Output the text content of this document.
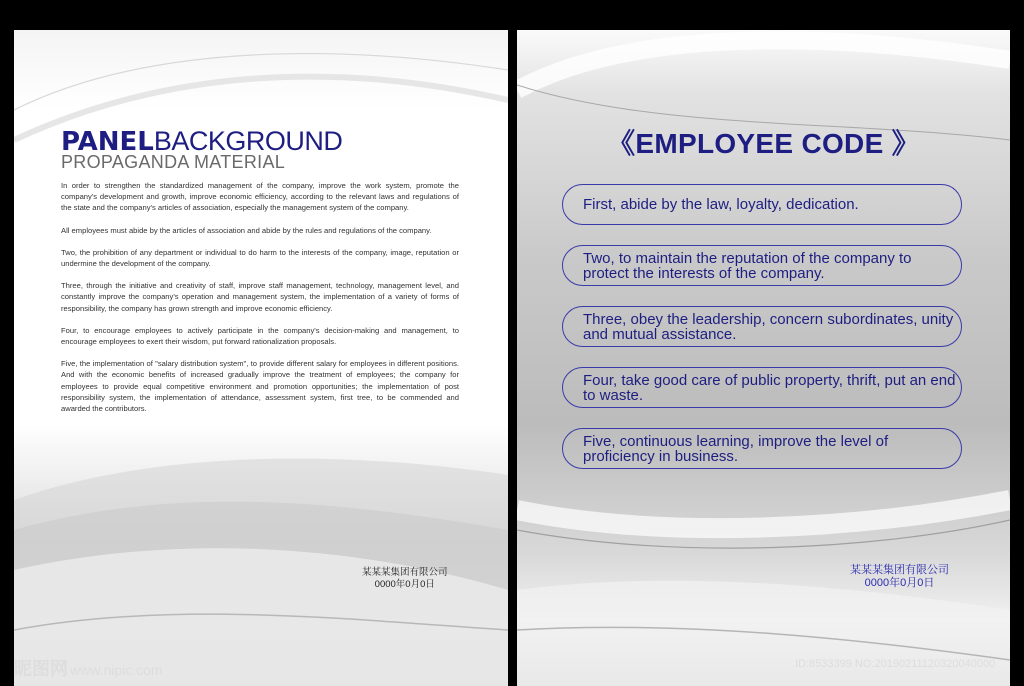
PANELBACKGROUND
PROPAGANDA MATERIAL

In order to strengthen the standardized management of the company, improve the work system, promote the company's development and growth, improve economic efficiency, according to the relevant laws and regulations of the state and the company's articles of association, especially the management system of the company.

All employees must abide by the articles of association and abide by the rules and regulations of the company.

Two, the prohibition of any department or individual to do harm to the interests of the company, image, reputation or undermine the development of the company.

Three, through the initiative and creativity of staff, improve staff management, technology, management level, and constantly improve the company's operation and management system, the implementation of a variety of forms of responsibility, the company has grown strength and improve economic efficiency.

Four, to encourage employees to actively participate in the company's decision-making and management, to encourage employees to exert their wisdom, put forward rationalization proposals.

Five, the implementation of "salary distribution system", to provide different salary for employees in different positions. And with the economic benefits of increased gradually improve the treatment of employees; the company for employees to provide equal competitive environment and promotion opportunities; the implementation of post responsibility system, the implementation of attendance, assessment system, first tree, to be commended and awarded the contributors.

某某某集团有限公司
0000年0月0日
《EMPLOYEE CODE 》
First, abide by the law, loyalty, dedication.
Two, to maintain the reputation of the company to protect the interests of the company.
Three, obey the leadership, concern subordinates, unity and mutual assistance.
Four, take good care of public property, thrift, put an end to waste.
Five, continuous learning, improve the level of proficiency in business.
某某某集团有限公司
0000年0月0日
昵图网 www.nipic.com	ID:8533399 NO:20190211120320040000
